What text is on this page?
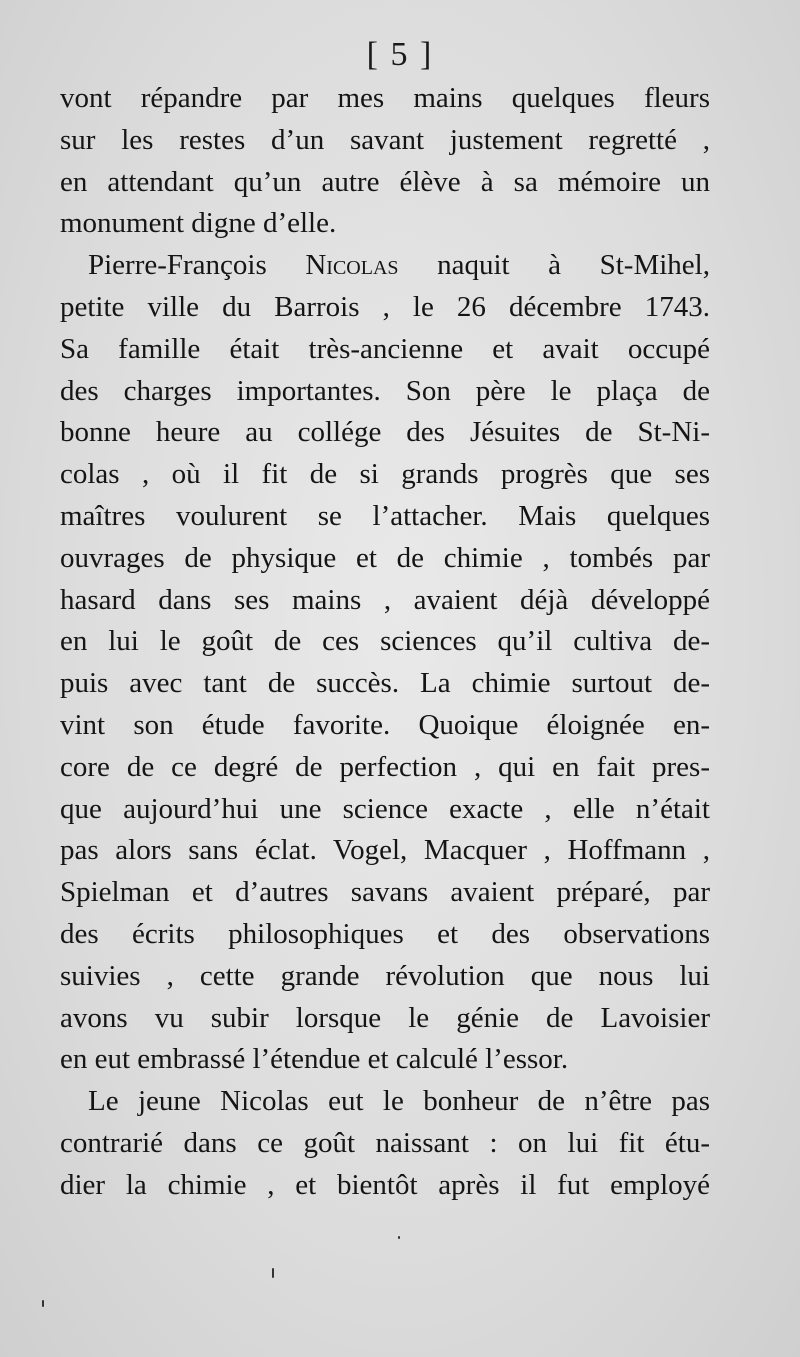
[ 5 ]
vont répandre par mes mains quelques fleurs
sur les restes d’un savant justement regretté ,
en attendant qu’un autre élève à sa mémoire un
monument digne d’elle.
Pierre-François Nicolas naquit à St-Mihel,
petite ville du Barrois , le 26 décembre 1743.
Sa famille était très-ancienne et avait occupé
des charges importantes. Son père le plaça de
bonne heure au collége des Jésuites de St-Ni-
colas , où il fit de si grands progrès que ses
maîtres voulurent se l’attacher. Mais quelques
ouvrages de physique et de chimie , tombés par
hasard dans ses mains , avaient déjà développé
en lui le goût de ces sciences qu’il cultiva de-
puis avec tant de succès. La chimie surtout de-
vint son étude favorite. Quoique éloignée en-
core de ce degré de perfection , qui en fait pres-
que aujourd’hui une science exacte , elle n’était
pas alors sans éclat. Vogel, Macquer , Hoffmann ,
Spielman et d’autres savans avaient préparé, par
des écrits philosophiques et des observations
suivies , cette grande révolution que nous lui
avons vu subir lorsque le génie de Lavoisier
en eut embrassé l’étendue et calculé l’essor.
Le jeune Nicolas eut le bonheur de n’être pas
contrarié dans ce goût naissant : on lui fit étu-
dier la chimie , et bientôt après il fut employé
